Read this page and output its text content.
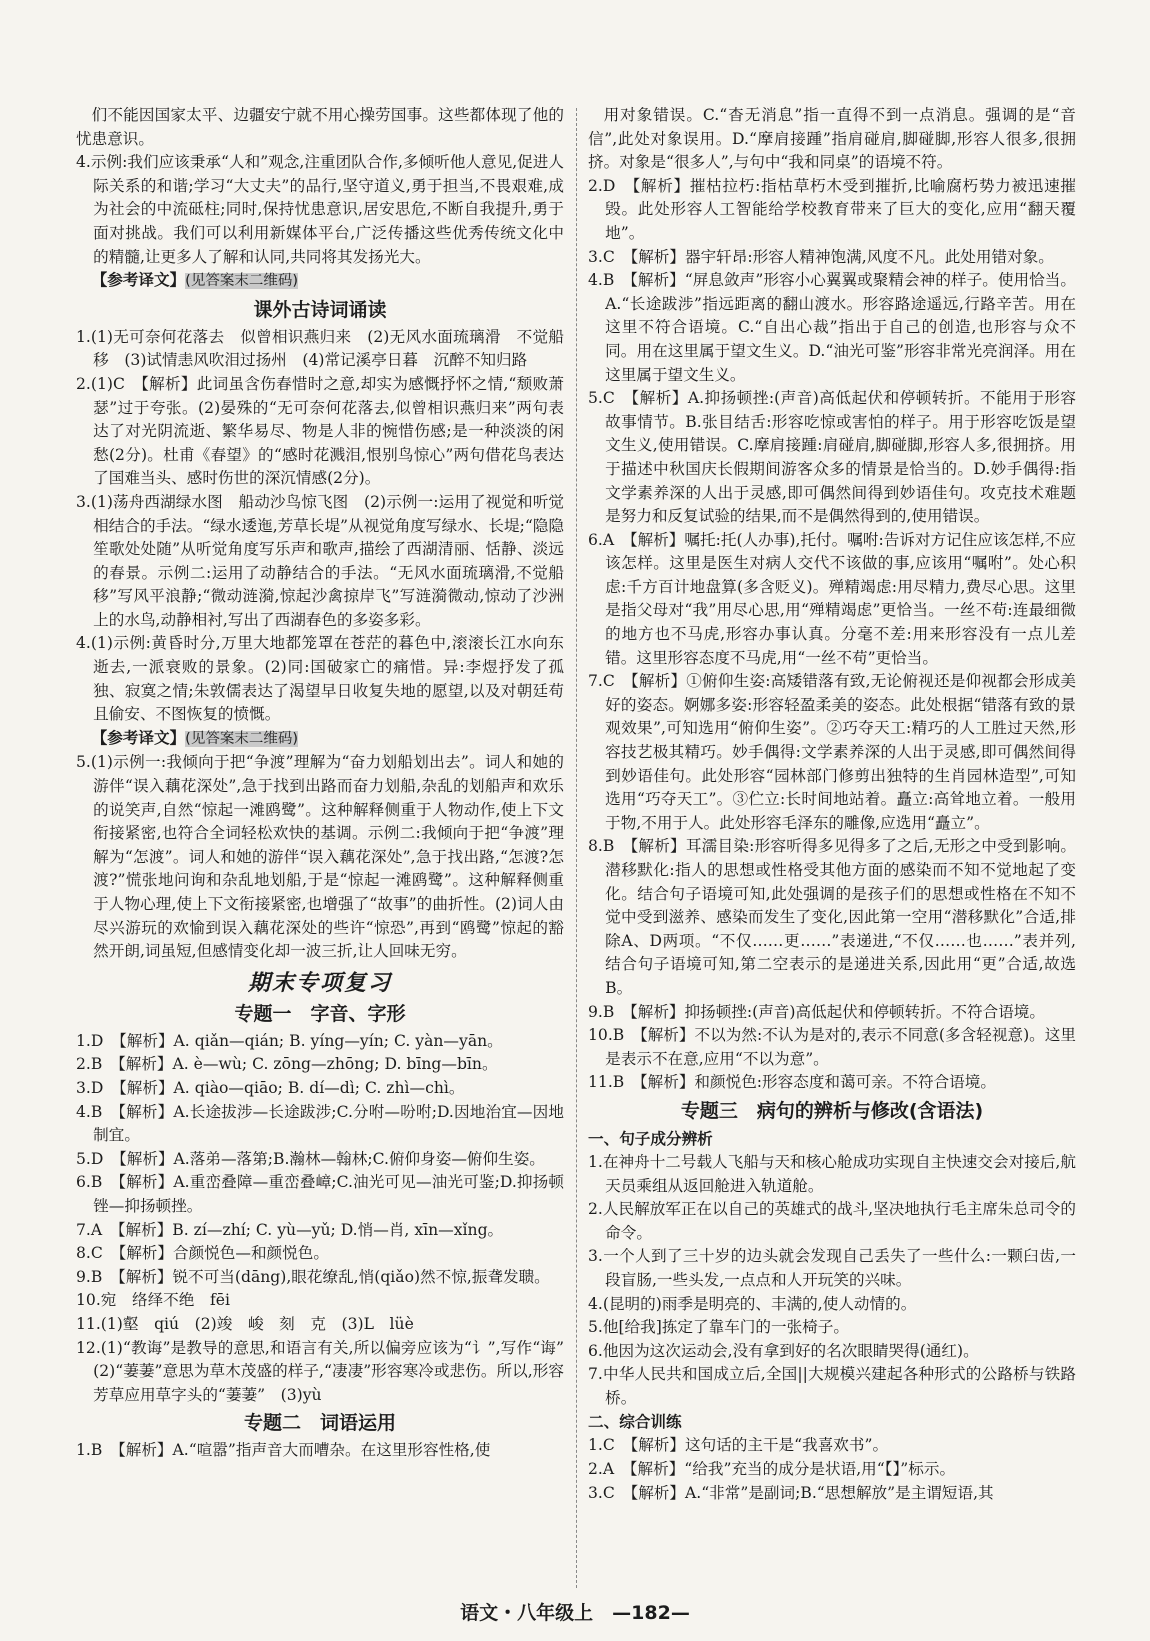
们不能因国家太平、边疆安宁就不用心操劳国事。这些都体现了他的忧患意识。

4.示例:我们应该秉承“人和”观念,注重团队合作,多倾听他人意见,促进人际关系的和谐;学习“大丈夫”的品行,坚守道义,勇于担当,不畏艰难,成为社会的中流砥柱;同时,保持忧患意识,居安思危,不断自我提升,勇于面对挑战。我们可以利用新媒体平台,广泛传播这些优秀传统文化中的精髓,让更多人了解和认同,共同将其发扬光大。

【参考译文】(见答案末二维码)

课外古诗词诵读

1.(1)无可奈何花落去　似曾相识燕归来　(2)无风水面琉璃滑　不觉船移　(3)试情恚风吹泪过扬州　(4)常记溪亭日暮　沉醉不知归路

2.(1)C　【解析】此词虽含伤春惜时之意,却实为感慨抒怀之情,“颓败萧瑟”过于夸张。(2)晏殊的“无可奈何花落去,似曾相识燕归来”两句表达了对光阴流逝、繁华易尽、物是人非的惋惜伤感;是一种淡淡的闲愁(2分)。杜甫《春望》的“感时花溅泪,恨别鸟惊心”两句借花鸟表达了国难当头、感时伤世的深沉情感(2分)。

3.(1)荡舟西湖绿水图　船动沙鸟惊飞图　(2)示例一:运用了视觉和听觉相结合的手法。“绿水逶迤,芳草长堤”从视觉角度写绿水、长堤;“隐隐笙歌处处随”从听觉角度写乐声和歌声,描绘了西湖清丽、恬静、淡远的春景。示例二:运用了动静结合的手法。“无风水面琉璃滑,不觉船移”写风平浪静;“微动涟漪,惊起沙禽掠岸飞”写涟漪微动,惊动了沙洲上的水鸟,动静相衬,写出了西湖春色的多姿多彩。

4.(1)示例:黄昏时分,万里大地都笼罩在苍茫的暮色中,滚滚长江水向东逝去,一派衰败的景象。(2)同:国破家亡的痛惜。异:李煜抒发了孤独、寂寞之情;朱敦儒表达了渴望早日收复失地的愿望,以及对朝廷苟且偷安、不图恢复的愤慨。

【参考译文】(见答案末二维码)

5.(1)示例一:我倾向于把“争渡”理解为“奋力划船划出去”。词人和她的游伴“误入藕花深处”,急于找到出路而奋力划船,杂乱的划船声和欢乐的说笑声,自然“惊起一滩鸥鹭”。这种解释侧重于人物动作,使上下文衔接紧密,也符合全词轻松欢快的基调。示例二:我倾向于把“争渡”理解为“怎渡”。词人和她的游伴“误入藕花深处”,急于找出路,“怎渡?怎渡?”慌张地问询和杂乱地划船,于是“惊起一滩鸥鹭”。这种解释侧重于人物心理,使上下文衔接紧密,也增强了“故事”的曲折性。(2)词人由尽兴游玩的欢愉到误入藕花深处的些许“惊恐”,再到“鸥鹭”惊起的豁然开朗,词虽短,但感情变化却一波三折,让人回味无穷。

期末专项复习
专题一　字音、字形

1.D　【解析】A. qiǎn—qián; B. yíng—yín; C. yàn—yān。

2.B　【解析】A. è—wù; C. zōng—zhōng; D. bīng—bīn。

3.D　【解析】A. qiào—qiāo; B. dí—dì; C. zhì—chì。

4.B　【解析】A.长途拔涉—长途跋涉;C.分咐—吩咐;D.因地治宜—因地制宜。

5.D　【解析】A.落弟—落第;B.瀚林—翰林;C.俯仰身姿—俯仰生姿。

6.B　【解析】A.重峦叠障—重峦叠嶂;C.油光可见—油光可鉴;D.抑扬顿锉—抑扬顿挫。

7.A　【解析】B. zí—zhí; C. yù—yǔ; D.悄—肖, xīn—xǐng。

8.C　【解析】合颜悦色—和颜悦色。

9.B　【解析】锐不可当(dāng),眼花缭乱,悄(qiǎo)然不惊,振聋发聩。

10.宛　络绎不绝　fēi

11.(1)壑　qiú　(2)竣　峻　刻　克　(3)L　lüè

12.(1)“教诲”是教导的意思,和语言有关,所以偏旁应该为“讠”,写作“诲”　(2)“萋萋”意思为草木茂盛的样子,“凄凄”形容寒冷或悲伤。所以,形容芳草应用草字头的“萋萋”　(3)yù

专题二　词语运用

1.B　【解析】A.“喧嚣”指声音大而嘈杂。在这里形容性格,使

用对象错误。C.“杳无消息”指一直得不到一点消息。强调的是“音信”,此处对象误用。D.“摩肩接踵”指肩碰肩,脚碰脚,形容人很多,很拥挤。对象是“很多人”,与句中“我和同桌”的语境不符。

2.D　【解析】摧枯拉朽:指枯草朽木受到摧折,比喻腐朽势力被迅速摧毁。此处形容人工智能给学校教育带来了巨大的变化,应用“翻天覆地”。

3.C　【解析】器宇轩昂:形容人精神饱满,风度不凡。此处用错对象。

4.B　【解析】“屏息敛声”形容小心翼翼或聚精会神的样子。使用恰当。A.“长途跋涉”指远距离的翻山渡水。形容路途遥远,行路辛苦。用在这里不符合语境。C.“自出心裁”指出于自己的创造,也形容与众不同。用在这里属于望文生义。D.“油光可鉴”形容非常光亮润泽。用在这里属于望文生义。

5.C　【解析】A.抑扬顿挫:(声音)高低起伏和停顿转折。不能用于形容故事情节。B.张目结舌:形容吃惊或害怕的样子。用于形容吃饭是望文生义,使用错误。C.摩肩接踵:肩碰肩,脚碰脚,形容人多,很拥挤。用于描述中秋国庆长假期间游客众多的情景是恰当的。D.妙手偶得:指文学素养深的人出于灵感,即可偶然间得到妙语佳句。攻克技术难题是努力和反复试验的结果,而不是偶然得到的,使用错误。

6.A　【解析】嘱托:托(人办事),托付。嘱咐:告诉对方记住应该怎样,不应该怎样。这里是医生对病人交代不该做的事,应该用“嘱咐”。处心积虑:千方百计地盘算(多含贬义)。殚精竭虑:用尽精力,费尽心思。这里是指父母对“我”用尽心思,用“殚精竭虑”更恰当。一丝不苟:连最细微的地方也不马虎,形容办事认真。分毫不差:用来形容没有一点儿差错。这里形容态度不马虎,用“一丝不苟”更恰当。

7.C　【解析】①俯仰生姿:高矮错落有致,无论俯视还是仰视都会形成美好的姿态。婀娜多姿:形容轻盈柔美的姿态。此处根据“错落有致的景观效果”,可知选用“俯仰生姿”。②巧夺天工:精巧的人工胜过天然,形容技艺极其精巧。妙手偶得:文学素养深的人出于灵感,即可偶然间得到妙语佳句。此处形容“园林部门修剪出独特的生肖园林造型”,可知选用“巧夺天工”。③伫立:长时间地站着。矗立:高耸地立着。一般用于物,不用于人。此处形容毛泽东的雕像,应选用“矗立”。

8.B　【解析】耳濡目染:形容听得多见得多了之后,无形之中受到影响。潜移默化:指人的思想或性格受其他方面的感染而不知不觉地起了变化。结合句子语境可知,此处强调的是孩子们的思想或性格在不知不觉中受到滋养、感染而发生了变化,因此第一空用“潜移默化”合适,排除A、D两项。“不仅……更……”表递进,“不仅……也……”表并列,结合句子语境可知,第二空表示的是递进关系,因此用“更”合适,故选B。

9.B　【解析】抑扬顿挫:(声音)高低起伏和停顿转折。不符合语境。

10.B　【解析】不以为然:不认为是对的,表示不同意(多含轻视意)。这里是表示不在意,应用“不以为意”。

11.B　【解析】和颜悦色:形容态度和蔼可亲。不符合语境。

专题三　病句的辨析与修改(含语法)
一、句子成分辨析

1.在神舟十二号载人飞船与天和核心舱成功实现自主快速交会对接后,航天员乘组从返回舱进入轨道舱。

2.人民解放军正在以自己的英雄式的战斗,坚决地执行毛主席朱总司令的命令。

3.一个人到了三十岁的边头就会发现自己丢失了一些什么:一颗臼齿,一段盲肠,一些头发,一点点和人开玩笑的兴味。

4.(昆明的)雨季是明亮的、丰满的,使人动情的。

5.他[给我]拣定了靠车门的一张椅子。

6.他因为这次运动会,没有拿到好的名次眼睛哭得(通红)。

7.中华人民共和国成立后,全国||大规模兴建起各种形式的公路桥与铁路桥。

二、综合训练

1.C　【解析】这句话的主干是“我喜欢书”。

2.A　【解析】“给我”充当的成分是状语,用“【】”标示。

3.C　【解析】A.“非常”是副词;B.“思想解放”是主谓短语,其

语文・八年级上　—182—
